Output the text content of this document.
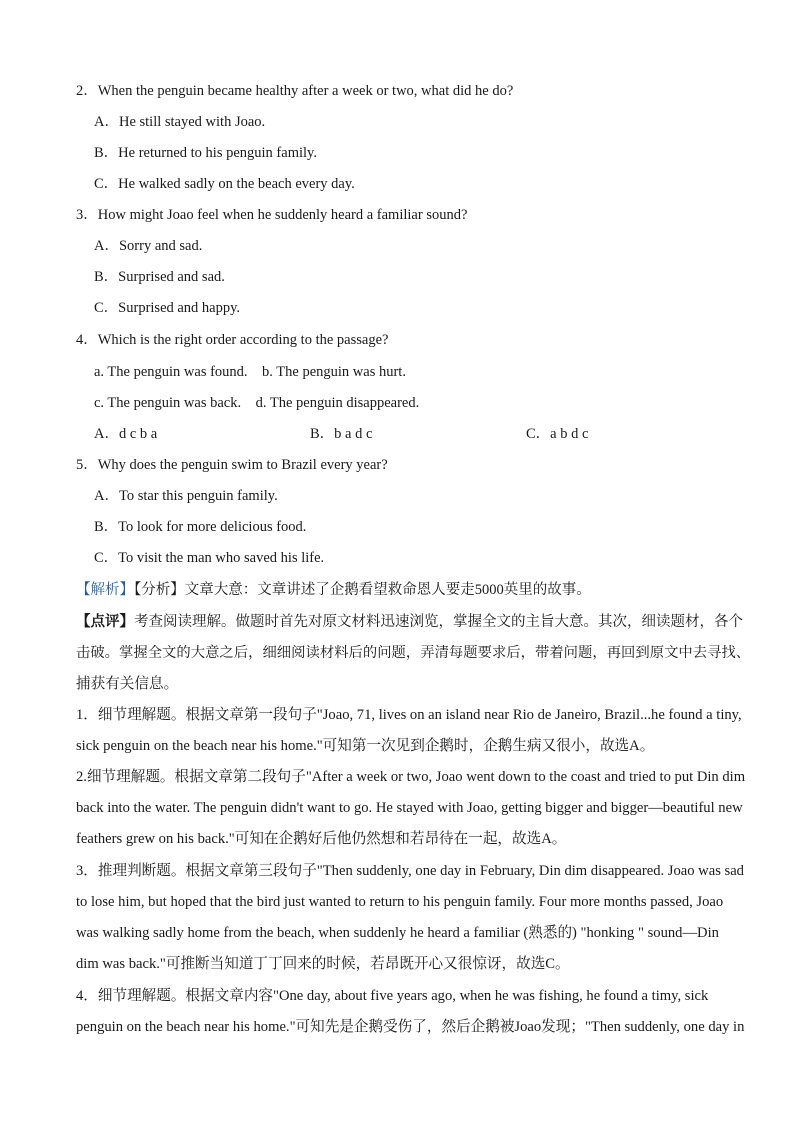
2．When the penguin became healthy after a week or two, what did he do?
A．He still stayed with Joao.
B．He returned to his penguin family.
C．He walked sadly on the beach every day.
3．How might Joao feel when he suddenly heard a familiar sound?
A．Sorry and sad.
B．Surprised and sad.
C．Surprised and happy.
4．Which is the right order according to the passage?
a. The penguin was found.　b. The penguin was hurt.
c. The penguin was back.　d. The penguin disappeared.
A．d c b a	B．b a d c	C．a b d c
5．Why does the penguin swim to Brazil every year?
A．To star this penguin family.
B．To look for more delicious food.
C．To visit the man who saved his life.
【解析】【分析】文章大意：文章讲述了企鹅看望救命恩人要走5000英里的故事。
【点评】考查阅读理解。做题时首先对原文材料迅速浏览，掌握全文的主旨大意。其次，细读题材，各个
击破。掌握全文的大意之后，细细阅读材料后的问题，弄清每题要求后，带着问题，再回到原文中去寻找、
捕获有关信息。
1．细节理解题。根据文章第一段句子"Joao, 71, lives on an island near Rio de Janeiro, Brazil...he found a tiny,
sick penguin on the beach near his home."可知第一次见到企鹅时，企鹅生病又很小，故选A。
2.细节理解题。根据文章第二段句子"After a week or two, Joao went down to the coast and tried to put Din dim
back into the water. The penguin didn't want to go. He stayed with Joao, getting bigger and bigger—beautiful new
feathers grew on his back."可知在企鹅好后他仍然想和若昂待在一起，故选A。
3．推理判断题。根据文章第三段句子"Then suddenly, one day in February, Din dim disappeared. Joao was sad
to lose him, but hoped that the bird just wanted to return to his penguin family. Four more months passed, Joao
was walking sadly home from the beach, when suddenly he heard a familiar (熟悉的) "honking " sound—Din
dim was back."可推断当知道丁丁回来的时候，若昂既开心又很惊讶，故选C。
4．细节理解题。根据文章内容"One day, about five years ago, when he was fishing, he found a timy, sick
penguin on the beach near his home."可知先是企鹅受伤了，然后企鹅被Joao发现；"Then suddenly, one day in
